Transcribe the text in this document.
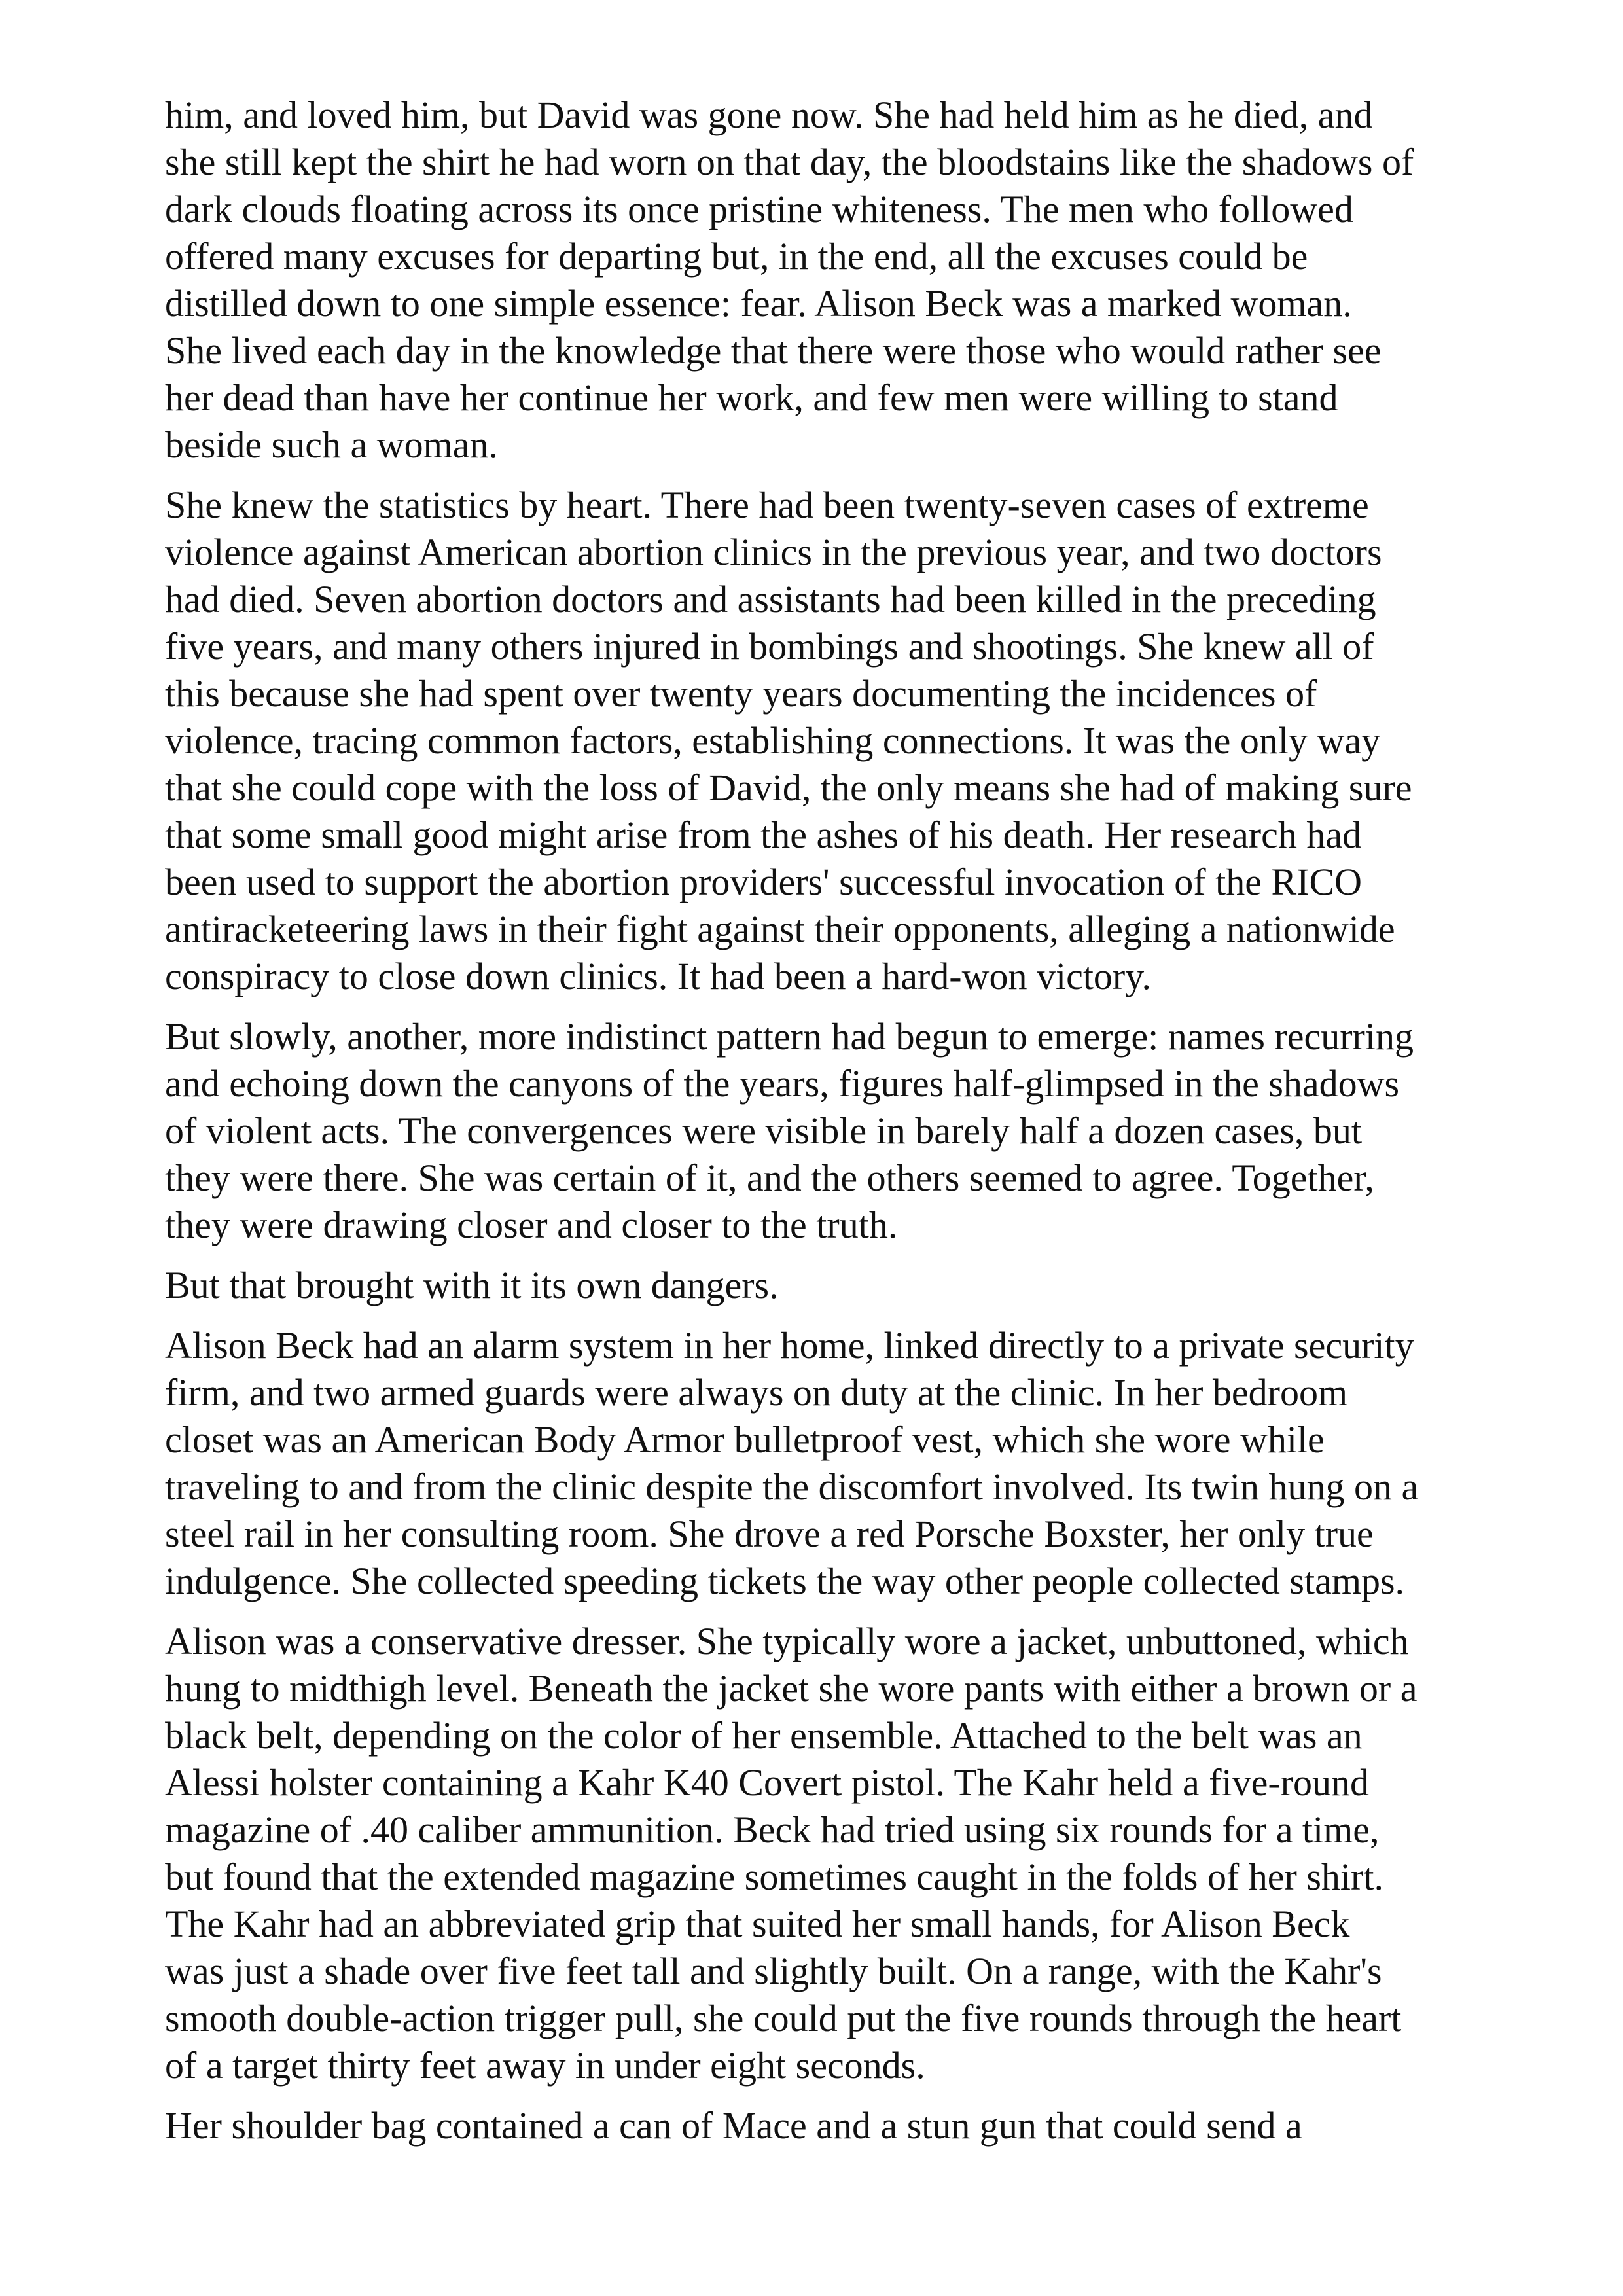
him, and loved him, but David was gone now. She had held him as he died, and
she still kept the shirt he had worn on that day, the bloodstains like the shadows of
dark clouds floating across its once pristine whiteness. The men who followed
offered many excuses for departing but, in the end, all the excuses could be
distilled down to one simple essence: fear. Alison Beck was a marked woman.
She lived each day in the knowledge that there were those who would rather see
her dead than have her continue her work, and few men were willing to stand
beside such a woman.

She knew the statistics by heart. There had been twenty-seven cases of extreme
violence against American abortion clinics in the previous year, and two doctors
had died. Seven abortion doctors and assistants had been killed in the preceding
five years, and many others injured in bombings and shootings. She knew all of
this because she had spent over twenty years documenting the incidences of
violence, tracing common factors, establishing connections. It was the only way
that she could cope with the loss of David, the only means she had of making sure
that some small good might arise from the ashes of his death. Her research had
been used to support the abortion providers' successful invocation of the RICO
antiracketeering laws in their fight against their opponents, alleging a nationwide
conspiracy to close down clinics. It had been a hard-won victory.

But slowly, another, more indistinct pattern had begun to emerge: names recurring
and echoing down the canyons of the years, figures half-glimpsed in the shadows
of violent acts. The convergences were visible in barely half a dozen cases, but
they were there. She was certain of it, and the others seemed to agree. Together,
they were drawing closer and closer to the truth.

But that brought with it its own dangers.

Alison Beck had an alarm system in her home, linked directly to a private security
firm, and two armed guards were always on duty at the clinic. In her bedroom
closet was an American Body Armor bulletproof vest, which she wore while
traveling to and from the clinic despite the discomfort involved. Its twin hung on a
steel rail in her consulting room. She drove a red Porsche Boxster, her only true
indulgence. She collected speeding tickets the way other people collected stamps.

Alison was a conservative dresser. She typically wore a jacket, unbuttoned, which
hung to midthigh level. Beneath the jacket she wore pants with either a brown or a
black belt, depending on the color of her ensemble. Attached to the belt was an
Alessi holster containing a Kahr K40 Covert pistol. The Kahr held a five-round
magazine of .40 caliber ammunition. Beck had tried using six rounds for a time,
but found that the extended magazine sometimes caught in the folds of her shirt.
The Kahr had an abbreviated grip that suited her small hands, for Alison Beck
was just a shade over five feet tall and slightly built. On a range, with the Kahr's
smooth double-action trigger pull, she could put the five rounds through the heart
of a target thirty feet away in under eight seconds.

Her shoulder bag contained a can of Mace and a stun gun that could send a
